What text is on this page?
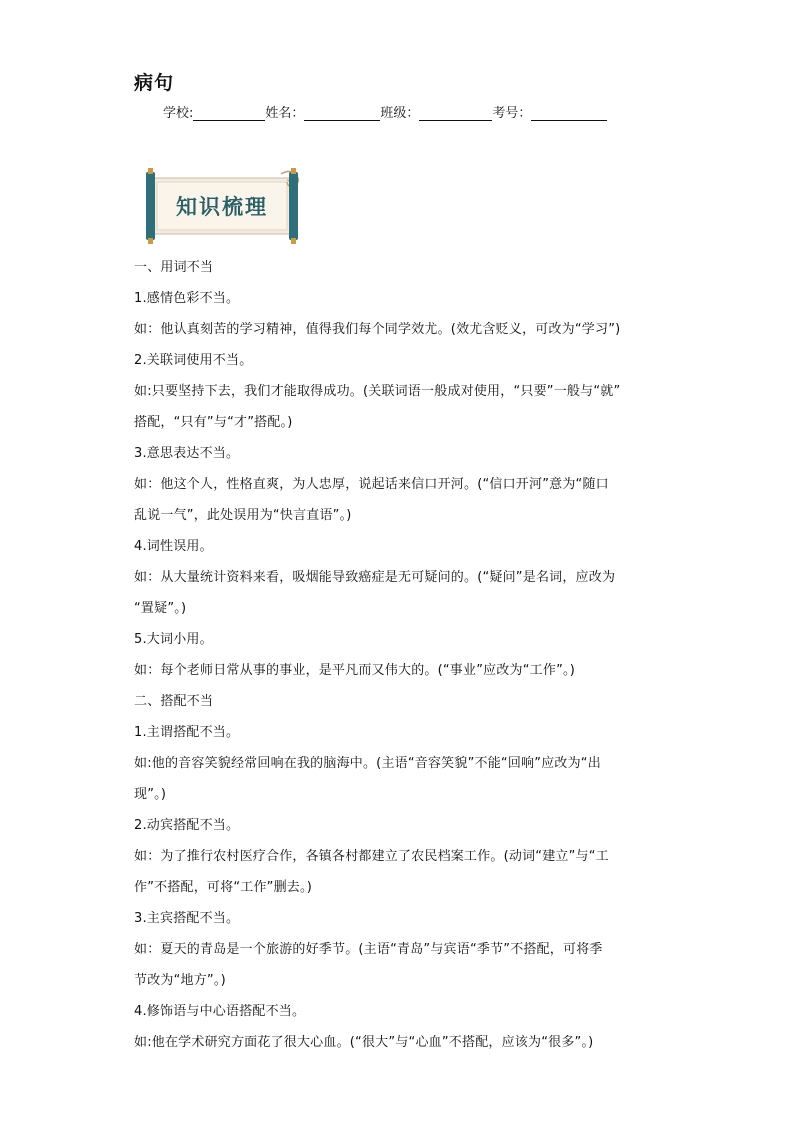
病句
学校:	姓名：	班级：	考号：
知识梳理

一、用词不当

1.感情色彩不当。

如：他认真刻苦的学习精神，值得我们每个同学效尤。(效尤含贬义，可改为“学习”)

2.关联词使用不当。

如:只要坚持下去，我们才能取得成功。(关联词语一般成对使用，“只要”一般与“就”

搭配，“只有”与“才”搭配。)

3.意思表达不当。

如：他这个人，性格直爽，为人忠厚，说起话来信口开河。(“信口开河”意为“随口

乱说一气”，此处误用为“快言直语”。)

4.词性误用。

如：从大量统计资料来看，吸烟能导致癌症是无可疑问的。(“疑问”是名词，应改为

“置疑”。)

5.大词小用。

如：每个老师日常从事的事业，是平凡而又伟大的。(“事业”应改为“工作”。)

二、搭配不当

1.主谓搭配不当。

如:他的音容笑貌经常回响在我的脑海中。(主语“音容笑貌”不能“回响”应改为“出

现”。)

2.动宾搭配不当。

如：为了推行农村医疗合作，各镇各村都建立了农民档案工作。(动词“建立”与“工

作”不搭配，可将“工作”删去。)

3.主宾搭配不当。

如：夏天的青岛是一个旅游的好季节。(主语“青岛”与宾语“季节”不搭配，可将季

节改为“地方”。)

4.修饰语与中心语搭配不当。

如:他在学术研究方面花了很大心血。(“很大”与“心血”不搭配，应该为“很多”。)
